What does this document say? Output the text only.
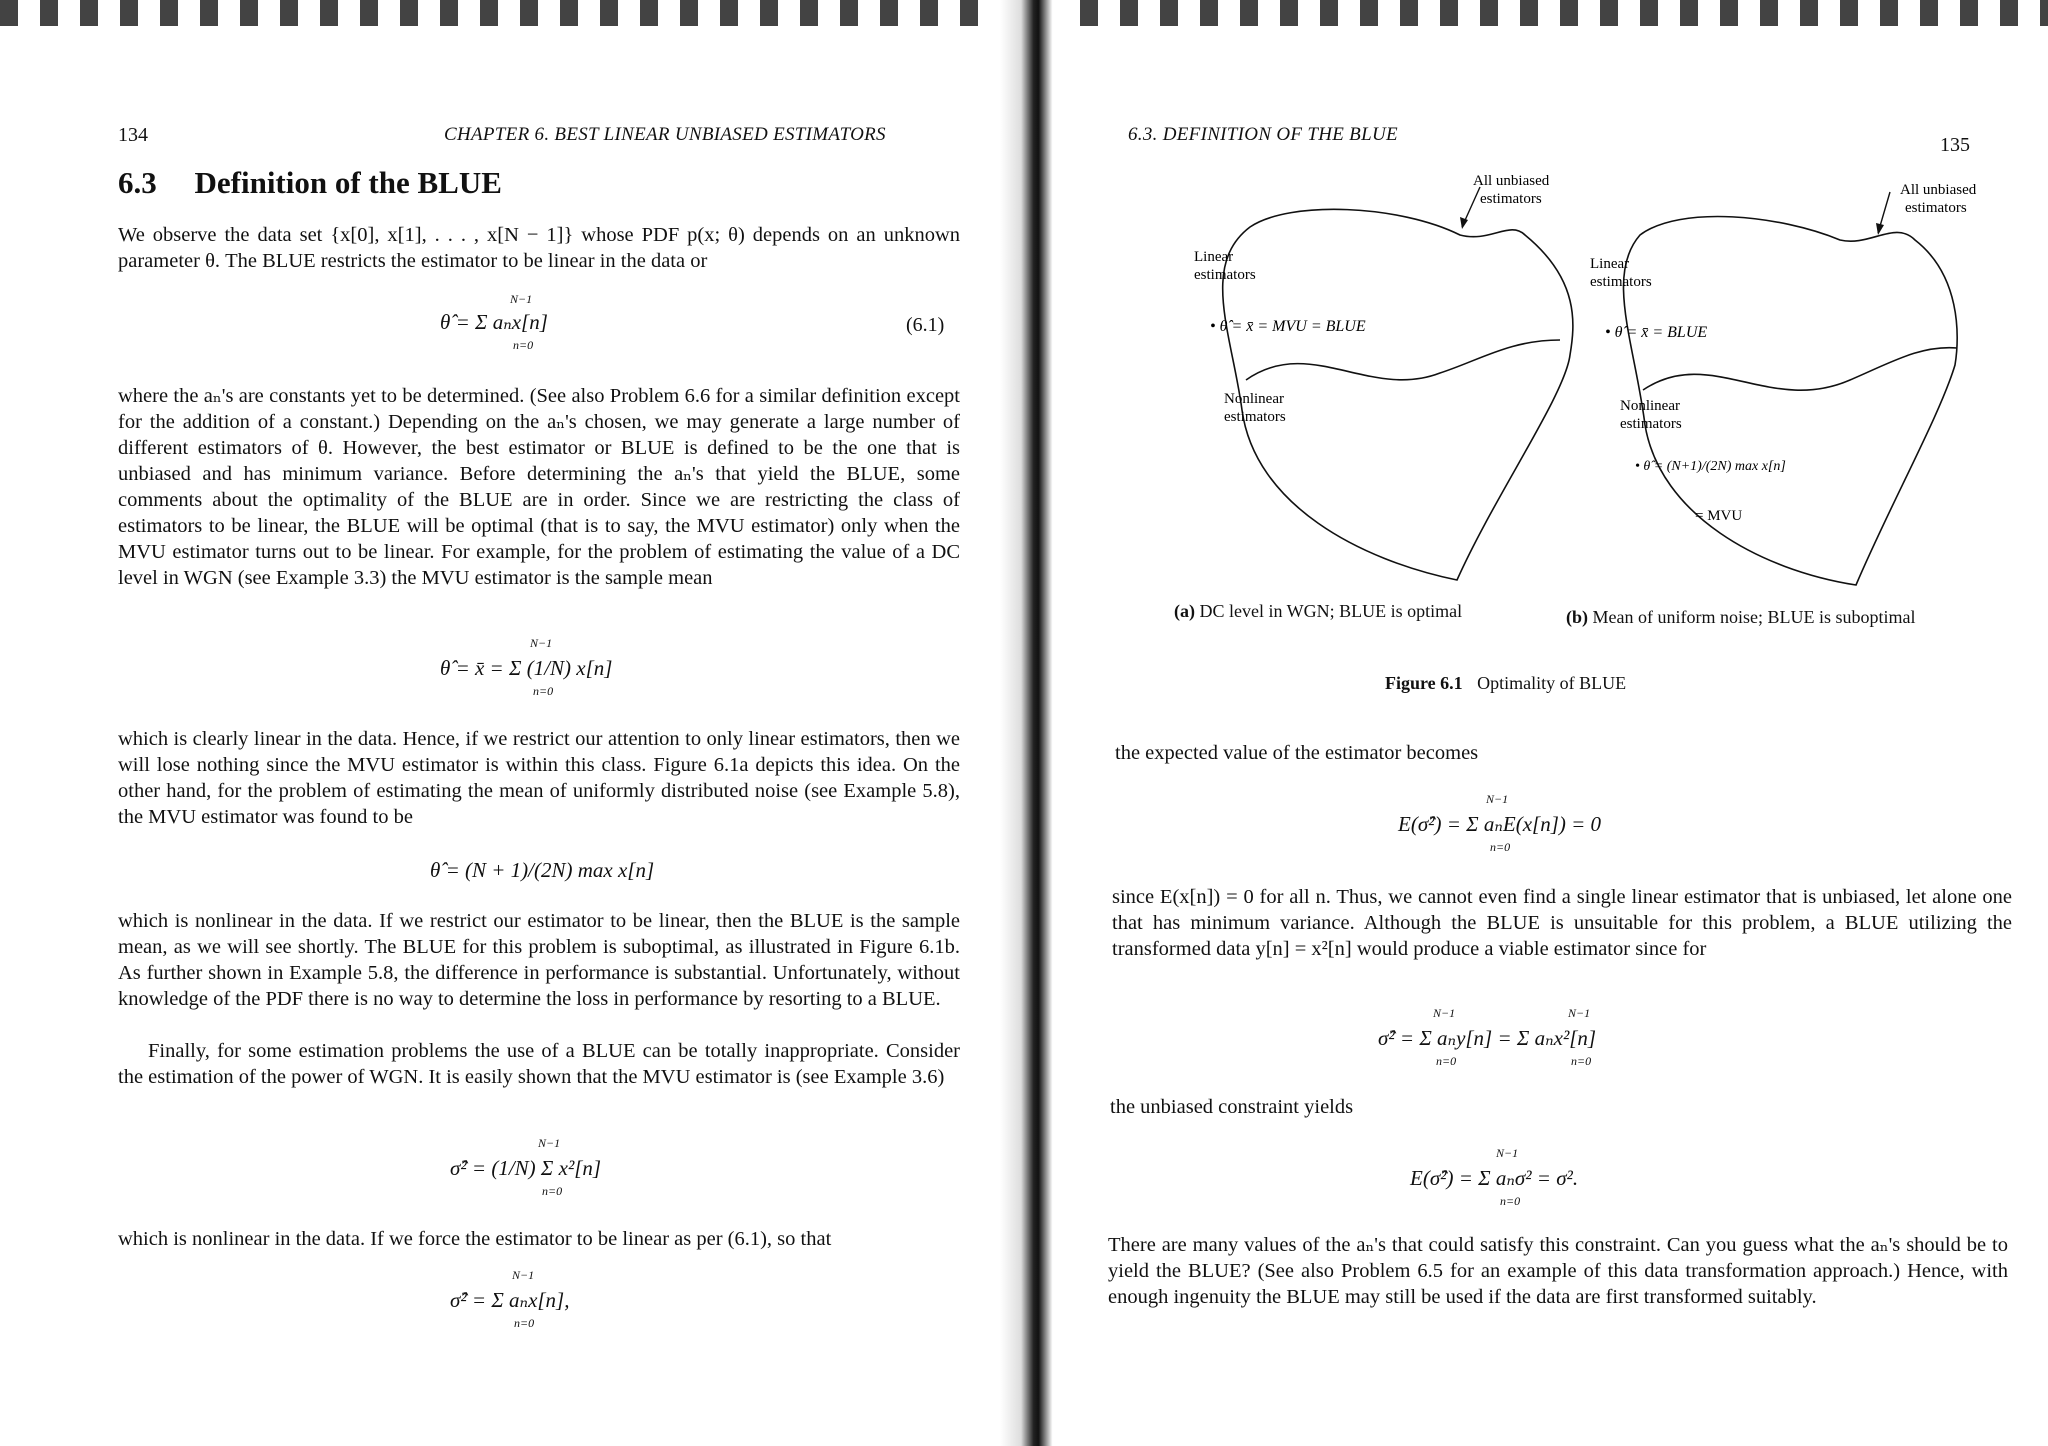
134	CHAPTER 6. BEST LINEAR UNBIASED ESTIMATORS
6.3 Definition of the BLUE

We observe the data set {x[0], x[1], . . . , x[N − 1]} whose PDF p(x; θ) depends on an unknown parameter θ. The BLUE restricts the estimator to be linear in the data or

N−1
θ̂ = Σ aₙx[n]
n=0
(6.1)

where the aₙ's are constants yet to be determined. (See also Problem 6.6 for a similar definition except for the addition of a constant.) Depending on the aₙ's chosen, we may generate a large number of different estimators of θ. However, the best estimator or BLUE is defined to be the one that is unbiased and has minimum variance. Before determining the aₙ's that yield the BLUE, some comments about the optimality of the BLUE are in order. Since we are restricting the class of estimators to be linear, the BLUE will be optimal (that is to say, the MVU estimator) only when the MVU estimator turns out to be linear. For example, for the problem of estimating the value of a DC level in WGN (see Example 3.3) the MVU estimator is the sample mean

N−1
θ̂ = x̄ = Σ (1/N) x[n]
n=0

which is clearly linear in the data. Hence, if we restrict our attention to only linear estimators, then we will lose nothing since the MVU estimator is within this class. Figure 6.1a depicts this idea. On the other hand, for the problem of estimating the mean of uniformly distributed noise (see Example 5.8), the MVU estimator was found to be

θ̂ = (N + 1)/(2N) max x[n]

which is nonlinear in the data. If we restrict our estimator to be linear, then the BLUE is the sample mean, as we will see shortly. The BLUE for this problem is suboptimal, as illustrated in Figure 6.1b. As further shown in Example 5.8, the difference in performance is substantial. Unfortunately, without knowledge of the PDF there is no way to determine the loss in performance by resorting to a BLUE.

Finally, for some estimation problems the use of a BLUE can be totally inappropriate. Consider the estimation of the power of WGN. It is easily shown that the MVU estimator is (see Example 3.6)

N−1
σ̂² = (1/N) Σ x²[n]
n=0

which is nonlinear in the data. If we force the estimator to be linear as per (6.1), so that

N−1
σ̂² = Σ aₙx[n],
n=0
6.3. DEFINITION OF THE BLUE	135
All unbiased
estimators
Linear
estimators
• θ̂ = x̄ = MVU = BLUE
Nonlinear
estimators
All unbiased
estimators
Linear
estimators
• θ̂ = x̄ = BLUE
Nonlinear
estimators
• θ̂ = (N+1)/(2N) max x[n]
= MVU
(a) DC level in WGN; BLUE is optimal	(b) Mean of uniform noise; BLUE is suboptimal
Figure 6.1 Optimality of BLUE

the expected value of the estimator becomes

N−1
E(σ̂²) = Σ aₙE(x[n]) = 0
n=0

since E(x[n]) = 0 for all n. Thus, we cannot even find a single linear estimator that is unbiased, let alone one that has minimum variance. Although the BLUE is unsuitable for this problem, a BLUE utilizing the transformed data y[n] = x²[n] would produce a viable estimator since for

N−1	N−1
σ̂² = Σ aₙy[n] = Σ aₙx²[n]
n=0	n=0

the unbiased constraint yields

N−1
E(σ̂²) = Σ aₙσ² = σ².
n=0

There are many values of the aₙ's that could satisfy this constraint. Can you guess what the aₙ's should be to yield the BLUE? (See also Problem 6.5 for an example of this data transformation approach.) Hence, with enough ingenuity the BLUE may still be used if the data are first transformed suitably.
